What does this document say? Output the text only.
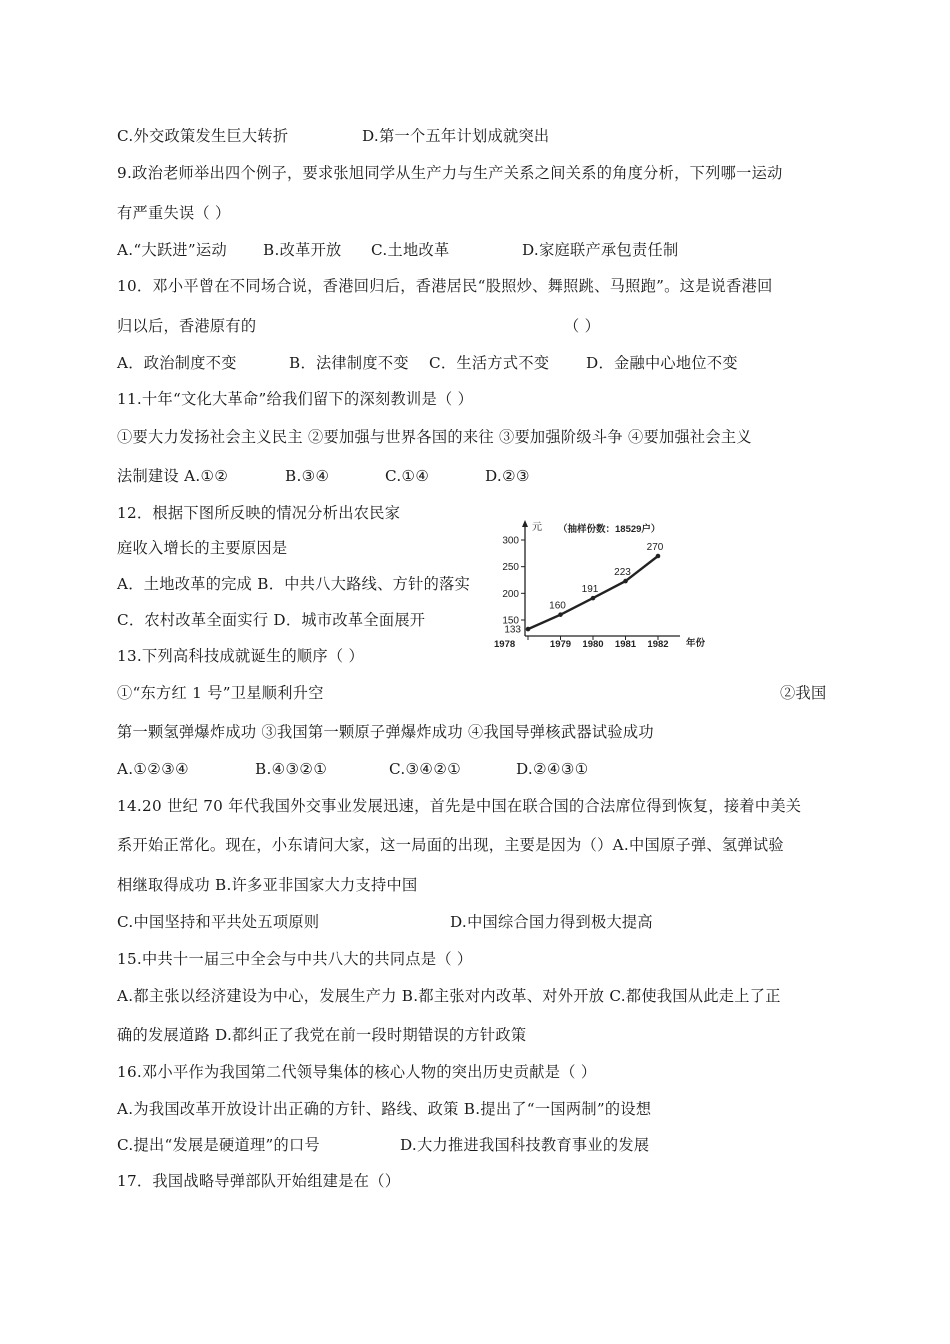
C.外交政策发生巨大转折	D.第一个五年计划成就突出
9.政治老师举出四个例子，要求张旭同学从生产力与生产关系之间关系的角度分析，下列哪一运动
有严重失误（ ）
A.“大跃进”运动 B.改革开放 C.土地改革	D.家庭联产承包责任制
10．邓小平曾在不同场合说，香港回归后，香港居民“股照炒、舞照跳、马照跑”。这是说香港回
归以后，香港原有的	（ ）
A．政治制度不变	B．法律制度不变 C．生活方式不变 D．金融中心地位不变
11.十年“文化大革命”给我们留下的深刻教训是（ ）
①要大力发扬社会主义民主 ②要加强与世界各国的来往 ③要加强阶级斗争 ④要加强社会主义
法制建设 A.①②	B.③④	C.①④	D.②③
12．根据下图所反映的情况分析出农民家
庭收入增长的主要原因是
A．土地改革的完成 B．中共八大路线、方针的落实
C．农村改革全面实行 D．城市改革全面展开
元 （抽样份数：18529户）
年份
150
200
250
300
1978	1979 1980 1981 1982
133
160
191
223
270
13.下列高科技成就诞生的顺序（ ）
①“东方红 1 号”卫星顺利升空	②我国
第一颗氢弹爆炸成功 ③我国第一颗原子弹爆炸成功 ④我国导弹核武器试验成功
A.①②③④	B.④③②①	C.③④②①	D.②④③①
14.20 世纪 70 年代我国外交事业发展迅速，首先是中国在联合国的合法席位得到恢复，接着中美关
系开始正常化。现在，小东请问大家，这一局面的出现，主要是因为（）A.中国原子弹、氢弹试验
相继取得成功 B.许多亚非国家大力支持中国
C.中国坚持和平共处五项原则	D.中国综合国力得到极大提高
15.中共十一届三中全会与中共八大的共同点是（ ）
A.都主张以经济建设为中心，发展生产力 B.都主张对内改革、对外开放 C.都使我国从此走上了正
确的发展道路 D.都纠正了我党在前一段时期错误的方针政策
16.邓小平作为我国第二代领导集体的核心人物的突出历史贡献是（ ）
A.为我国改革开放设计出正确的方针、路线、政策 B.提出了“一国两制”的设想
C.提出“发展是硬道理”的口号	D.大力推进我国科技教育事业的发展
17．我国战略导弹部队开始组建是在（）
